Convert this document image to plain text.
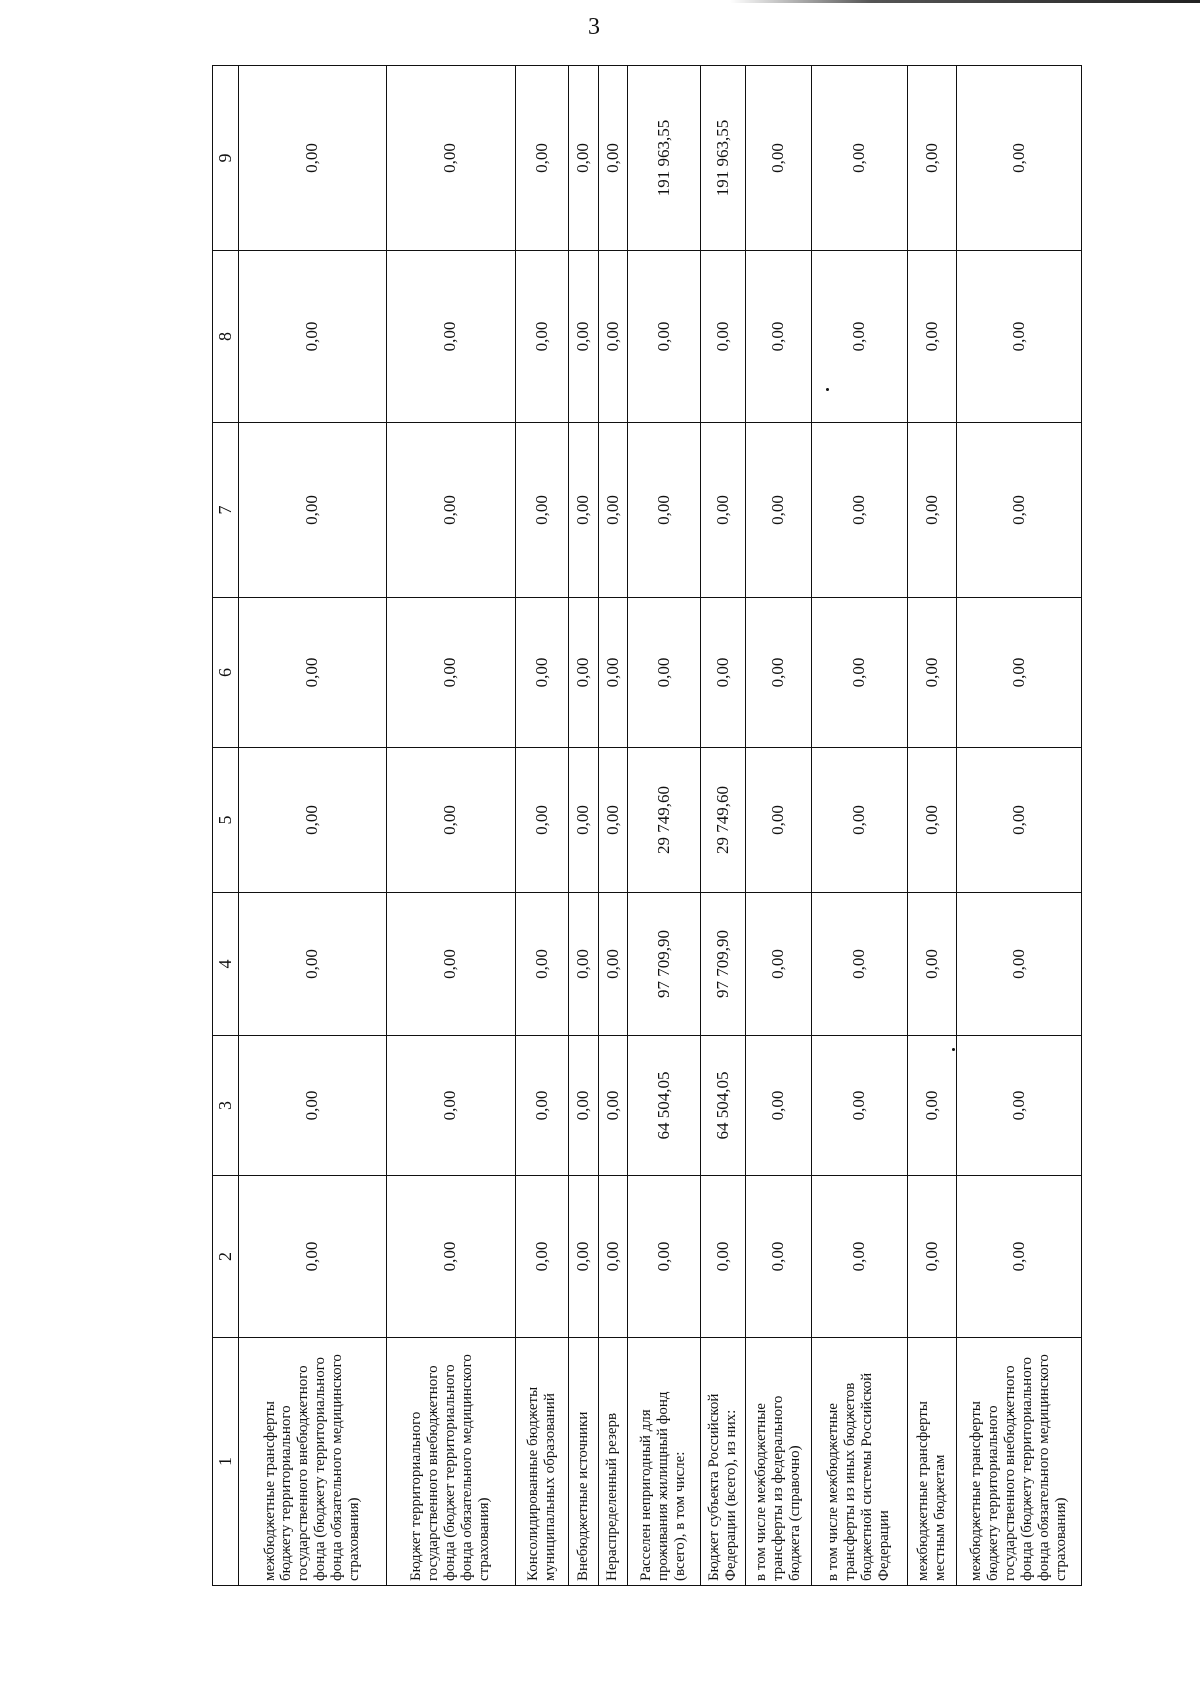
3
1	2	3	4	5	6	7	8	9
межбюджетные трансферты бюджету территориального государственного внебюджетного фонда (бюджету территориального фонда обязательного медицинского страхования)	0,00	0,00	0,00	0,00	0,00	0,00	0,00	0,00
Бюджет территориального государственного внебюджетного фонда (бюджет территориального фонда обязательного медицинского страхования)	0,00	0,00	0,00	0,00	0,00	0,00	0,00	0,00
Консолидированные бюджеты муниципальных образований	0,00	0,00	0,00	0,00	0,00	0,00	0,00	0,00
Внебюджетные источники	0,00	0,00	0,00	0,00	0,00	0,00	0,00	0,00
Нераспределенный резерв	0,00	0,00	0,00	0,00	0,00	0,00	0,00	0,00
Расселен непригодный для проживания жилищный фонд (всего), в том числе:	0,00	64 504,05	97 709,90	29 749,60	0,00	0,00	0,00	191 963,55
Бюджет субъекта Российской Федерации (всего), из них:	0,00	64 504,05	97 709,90	29 749,60	0,00	0,00	0,00	191 963,55
в том числе межбюджетные трансферты из федерального бюджета (справочно)	0,00	0,00	0,00	0,00	0,00	0,00	0,00	0,00
в том числе межбюджетные трансферты из иных бюджетов бюджетной системы Российской Федерации	0,00	0,00	0,00	0,00	0,00	0,00	0,00	0,00
межбюджетные трансферты местным бюджетам	0,00	0,00	0,00	0,00	0,00	0,00	0,00	0,00
межбюджетные трансферты бюджету территориального государственного внебюджетного фонда (бюджету территориального фонда обязательного медицинского страхования)	0,00	0,00	0,00	0,00	0,00	0,00	0,00	0,00
